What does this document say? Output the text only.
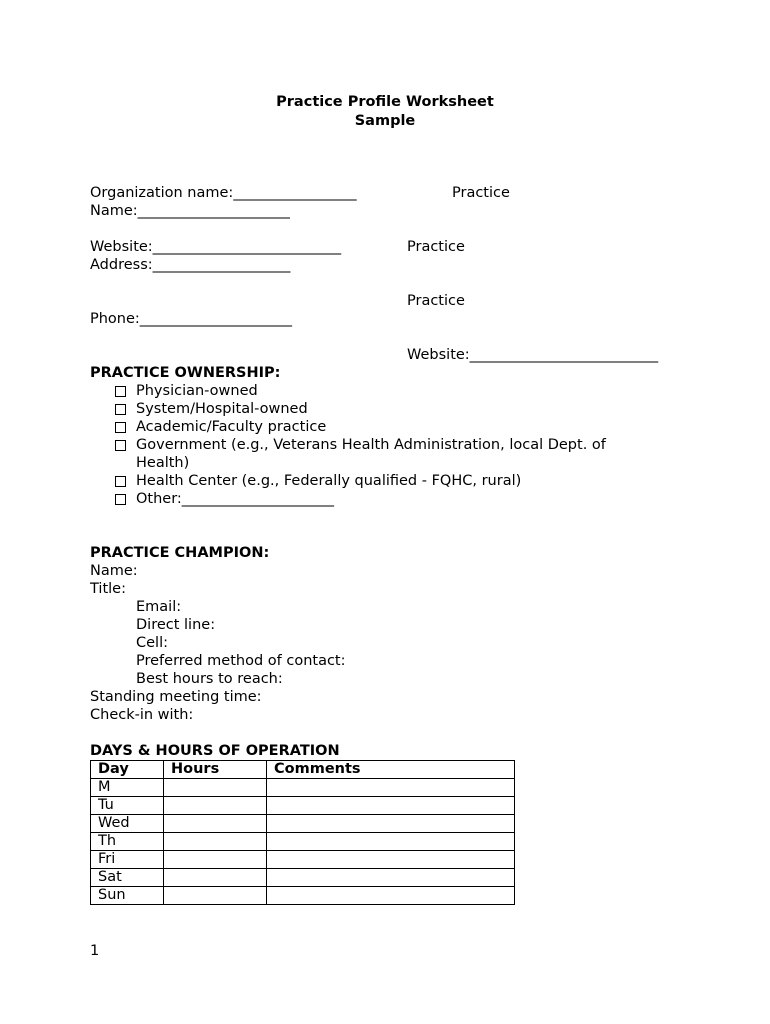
Practice Profile Worksheet
Sample
Organization name:_________________	Practice
Name:_____________________
Website:__________________________	Practice
Address:___________________
Practice
Phone:_____________________
Website:__________________________
PRACTICE OWNERSHIP:
Physician-owned
System/Hospital-owned
Academic/Faculty practice
Government (e.g., Veterans Health Administration, local Dept. of
Health)
Health Center (e.g., Federally qualified - FQHC, rural)
Other:_____________________
PRACTICE CHAMPION:
Name:
Title:
Email:
Direct line:
Cell:
Preferred method of contact:
Best hours to reach:
Standing meeting time:
Check-in with:
DAYS & HOURS OF OPERATION
Day	Hours	Comments
M		
Tu		
Wed		
Th		
Fri		
Sat		
Sun		
1
